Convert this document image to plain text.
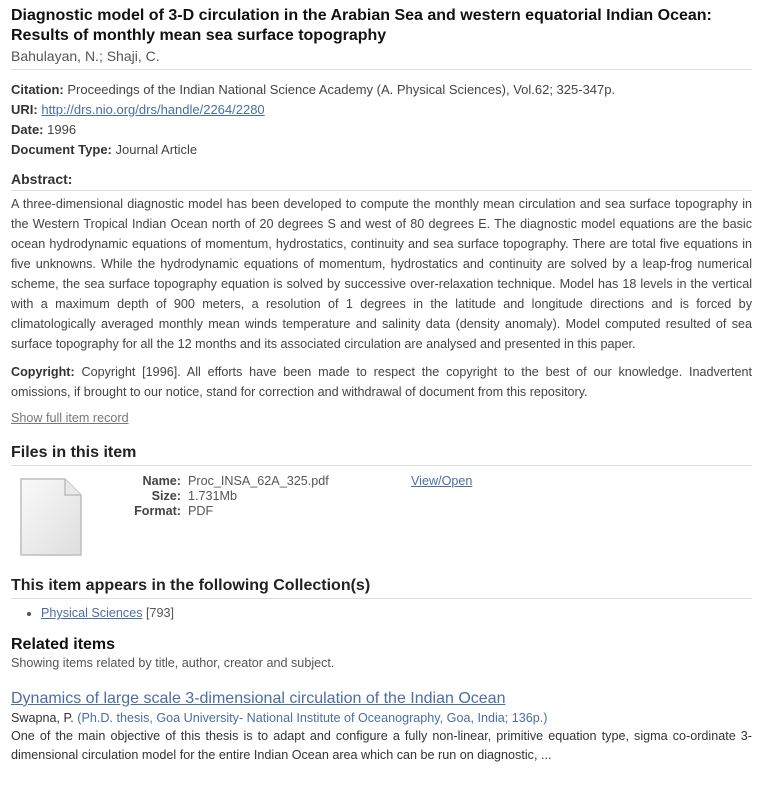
Diagnostic model of 3-D circulation in the Arabian Sea and western equatorial Indian Ocean: Results of monthly mean sea surface topography
Bahulayan, N.; Shaji, C.
Citation: Proceedings of the Indian National Science Academy (A. Physical Sciences), Vol.62; 325-347p.
URI: http://drs.nio.org/drs/handle/2264/2280
Date: 1996
Document Type: Journal Article
Abstract:
A three-dimensional diagnostic model has been developed to compute the monthly mean circulation and sea surface topography in the Western Tropical Indian Ocean north of 20 degrees S and west of 80 degrees E. The diagnostic model equations are the basic ocean hydrodynamic equations of momentum, hydrostatics, continuity and sea surface topography. There are total five equations in five unknowns. While the hydrodynamic equations of momentum, hydrostatics and continuity are solved by a leap-frog numerical scheme, the sea surface topography equation is solved by successive over-relaxation technique. Model has 18 levels in the vertical with a maximum depth of 900 meters, a resolution of 1 degrees in the latitude and longitude directions and is forced by climatologically averaged monthly mean winds temperature and salinity data (density anomaly). Model computed resulted of sea surface topography for all the 12 months and its associated circulation are analysed and presented in this paper.
Copyright: Copyright [1996]. All efforts have been made to respect the copyright to the best of our knowledge. Inadvertent omissions, if brought to our notice, stand for correction and withdrawal of document from this repository.
Show full item record
Files in this item
Name: Proc_INSA_62A_325.pdf
Size: 1.731Mb
Format: PDF
View/Open
This item appears in the following Collection(s)
• Physical Sciences [793]
Related items
Showing items related by title, author, creator and subject.
Dynamics of large scale 3-dimensional circulation of the Indian Ocean
Swapna, P. (Ph.D. thesis, Goa University- National Institute of Oceanography, Goa, India; 136p.)
One of the main objective of this thesis is to adapt and configure a fully non-linear, primitive equation type, sigma co-ordinate 3-dimensional circulation model for the entire Indian Ocean area which can be run on diagnostic, ...
